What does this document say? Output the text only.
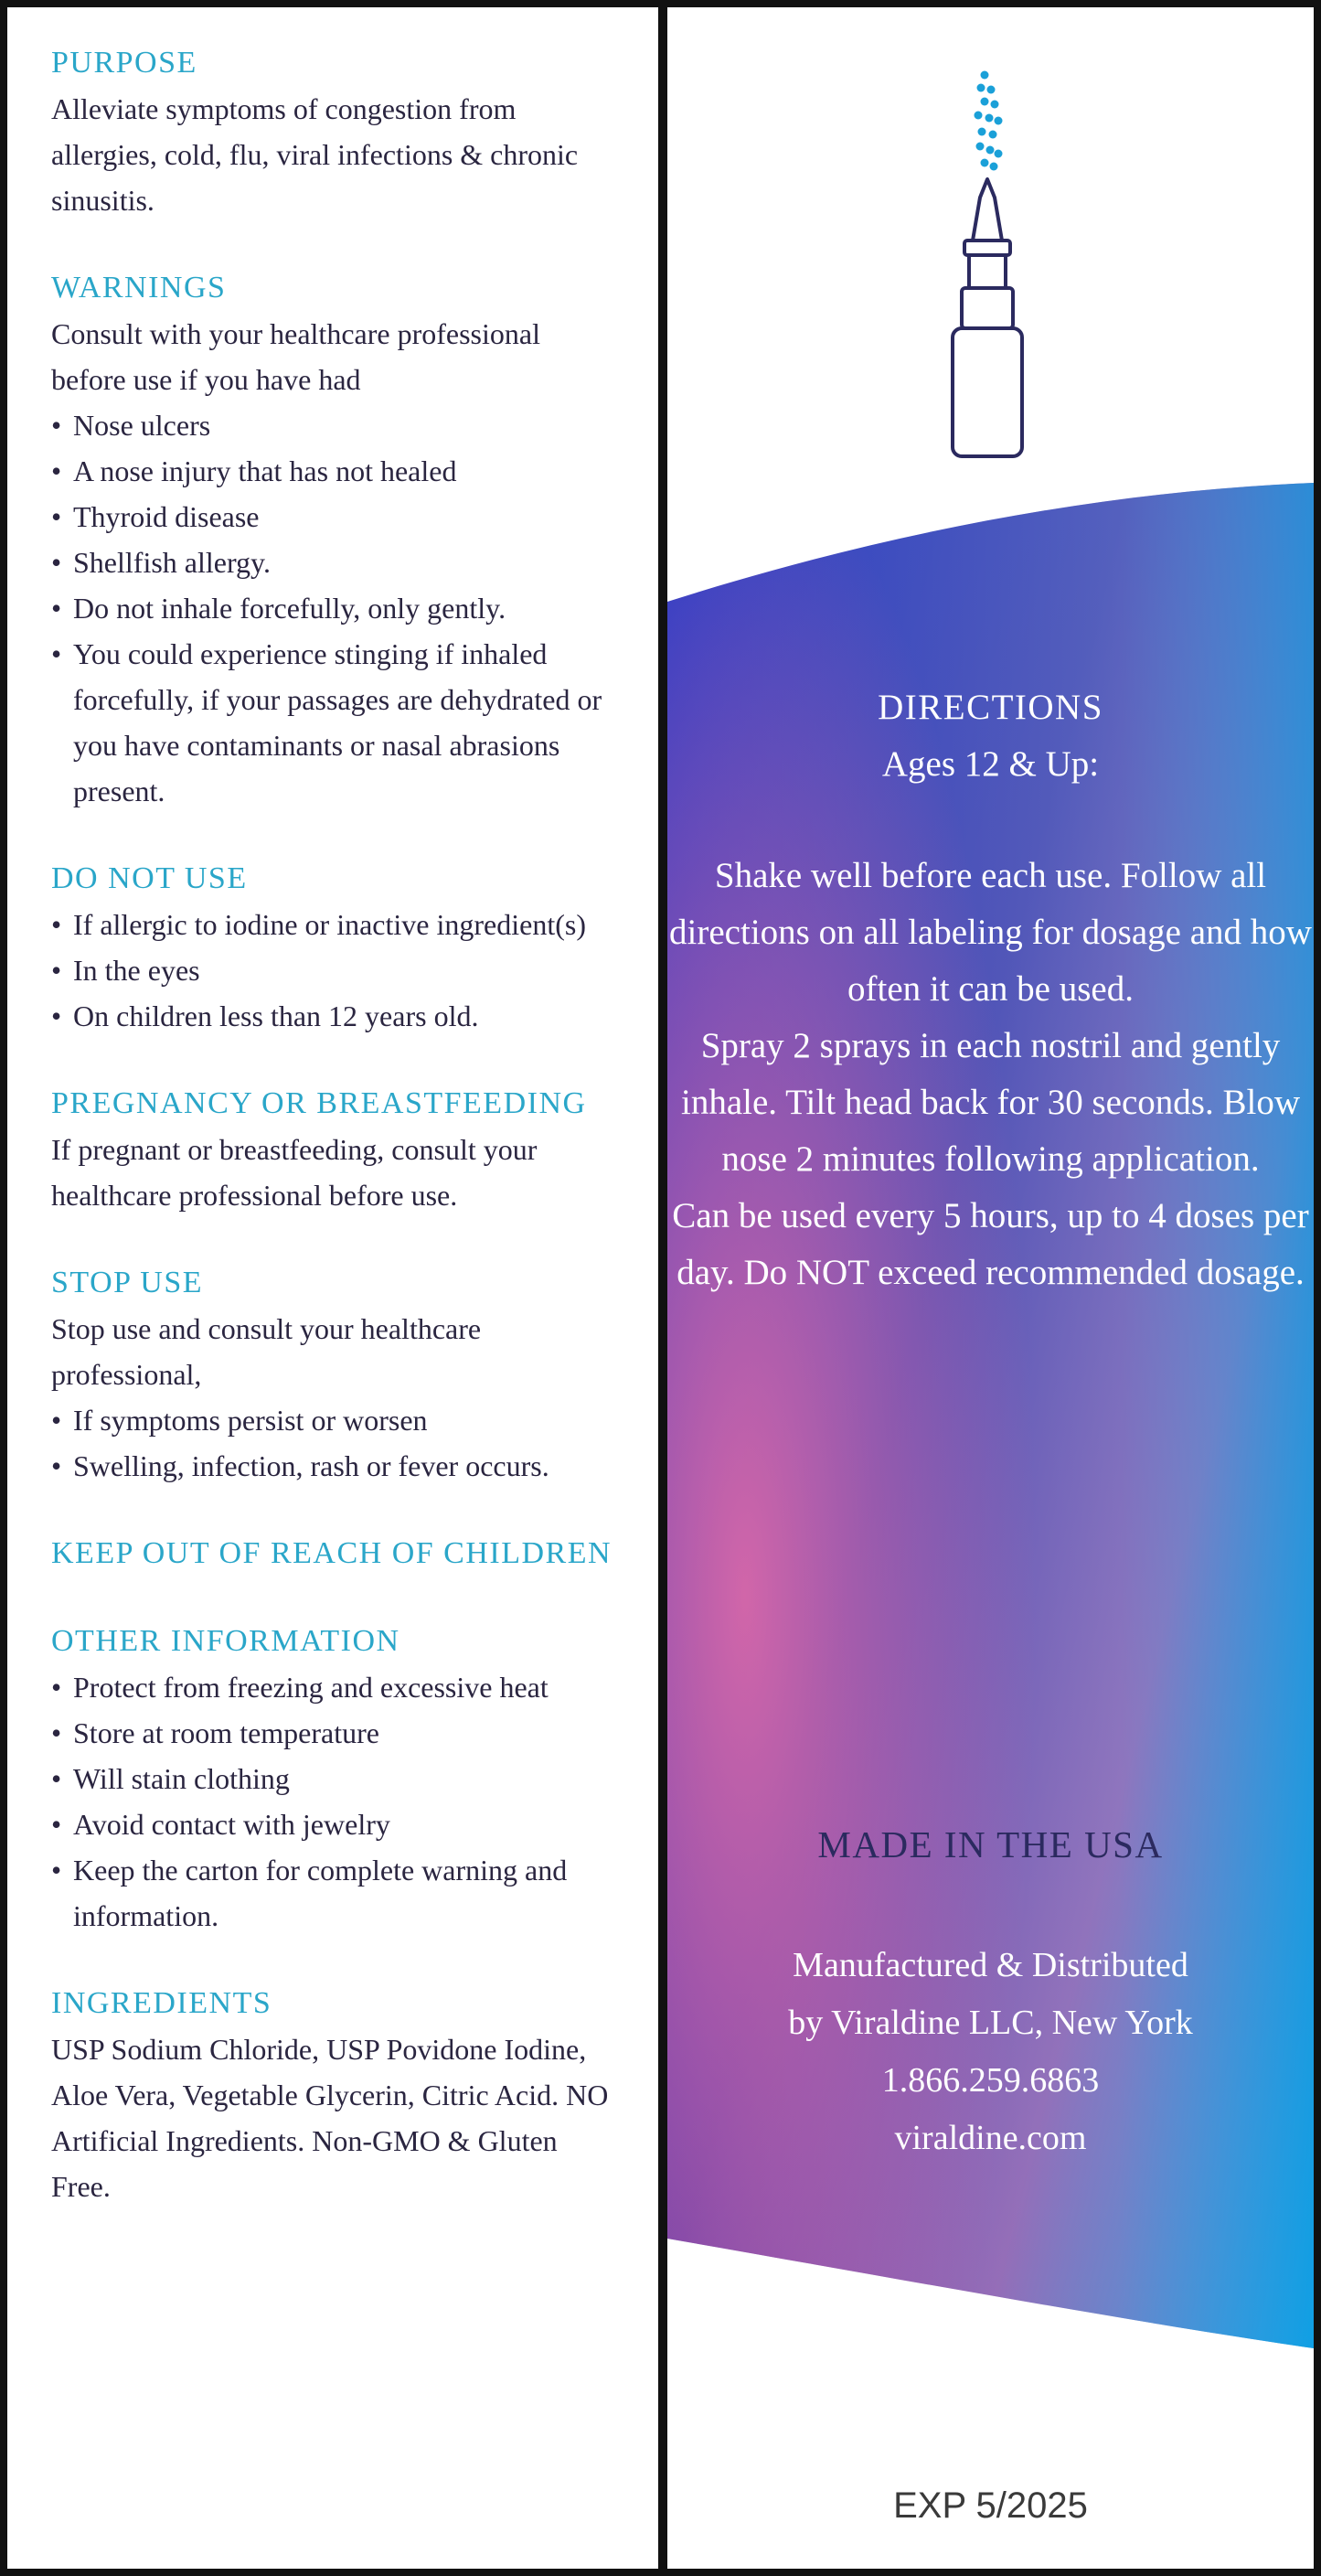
PURPOSE

Alleviate symptoms of congestion from allergies, cold, flu, viral infections & chronic sinusitis.

WARNINGS

Consult with your healthcare professional before use if you have had

• Nose ulcers
• A nose injury that has not healed
• Thyroid disease
• Shellfish allergy.
• Do not inhale forcefully, only gently.
• You could experience stinging if inhaled forcefully, if your passages are dehydrated or you have contaminants or nasal abrasions present.

DO NOT USE

• If allergic to iodine or inactive ingredient(s)
• In the eyes
• On children less than 12 years old.

PREGNANCY OR BREASTFEEDING

If pregnant or breastfeeding, consult your healthcare professional before use.

STOP USE

Stop use and consult your healthcare professional,

• If symptoms persist or worsen
• Swelling, infection, rash or fever occurs.

KEEP OUT OF REACH OF CHILDREN

OTHER INFORMATION

• Protect from freezing and excessive heat
• Store at room temperature
• Will stain clothing
• Avoid contact with jewelry
• Keep the carton for complete warning and information.

INGREDIENTS

USP Sodium Chloride, USP Povidone Iodine, Aloe Vera, Vegetable Glycerin, Citric Acid. NO Artificial Ingredients. Non-GMO & Gluten Free.

DIRECTIONS

Ages 12 & Up:

Shake well before each use. Follow all directions on all labeling for dosage and how often it can be used.

Spray 2 sprays in each nostril and gently inhale. Tilt head back for 30 seconds. Blow nose 2 minutes following application.

Can be used every 5 hours, up to 4 doses per day. Do NOT exceed recommended dosage.

MADE IN THE USA

Manufactured & Distributed

by Viraldine LLC, New York

1.866.259.6863

viraldine.com

EXP 5/2025
